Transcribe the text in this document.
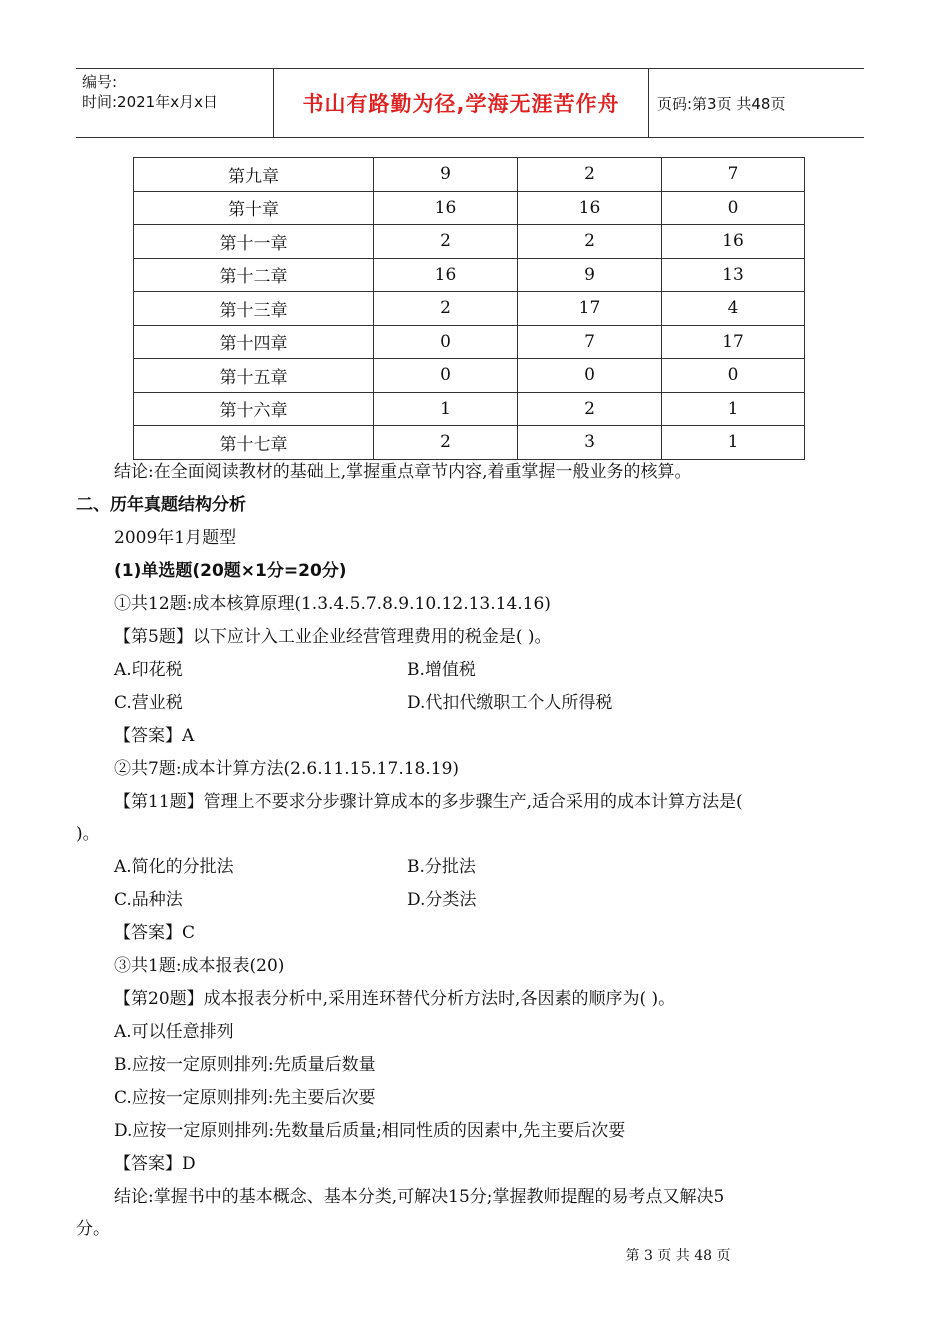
编号:
时间:2021年x月x日	书山有路勤为径,学海无涯苦作舟	页码:第3页 共48页
第九章	9	2	7
第十章	16	16	0
第十一章	2	2	16
第十二章	16	9	13
第十三章	2	17	4
第十四章	0	7	17
第十五章	0	0	0
第十六章	1	2	1
第十七章	2	3	1
结论:在全面阅读教材的基础上,掌握重点章节内容,着重掌握一般业务的核算。
二、历年真题结构分析
2009年1月题型
(1)单选题(20题×1分=20分)
①共12题:成本核算原理(1.3.4.5.7.8.9.10.12.13.14.16)
【第5题】以下应计入工业企业经营管理费用的税金是( )。
A.印花税	B.增值税
C.营业税	D.代扣代缴职工个人所得税
【答案】A
②共7题:成本计算方法(2.6.11.15.17.18.19)
【第11题】管理上不要求分步骤计算成本的多步骤生产,适合采用的成本计算方法是(
)。
A.简化的分批法	B.分批法
C.品种法	D.分类法
【答案】C
③共1题:成本报表(20)
【第20题】成本报表分析中,采用连环替代分析方法时,各因素的顺序为( )。
A.可以任意排列
B.应按一定原则排列:先质量后数量
C.应按一定原则排列:先主要后次要
D.应按一定原则排列:先数量后质量;相同性质的因素中,先主要后次要
【答案】D
结论:掌握书中的基本概念、基本分类,可解决15分;掌握教师提醒的易考点又解决5
分。
第 3 页 共 48 页
